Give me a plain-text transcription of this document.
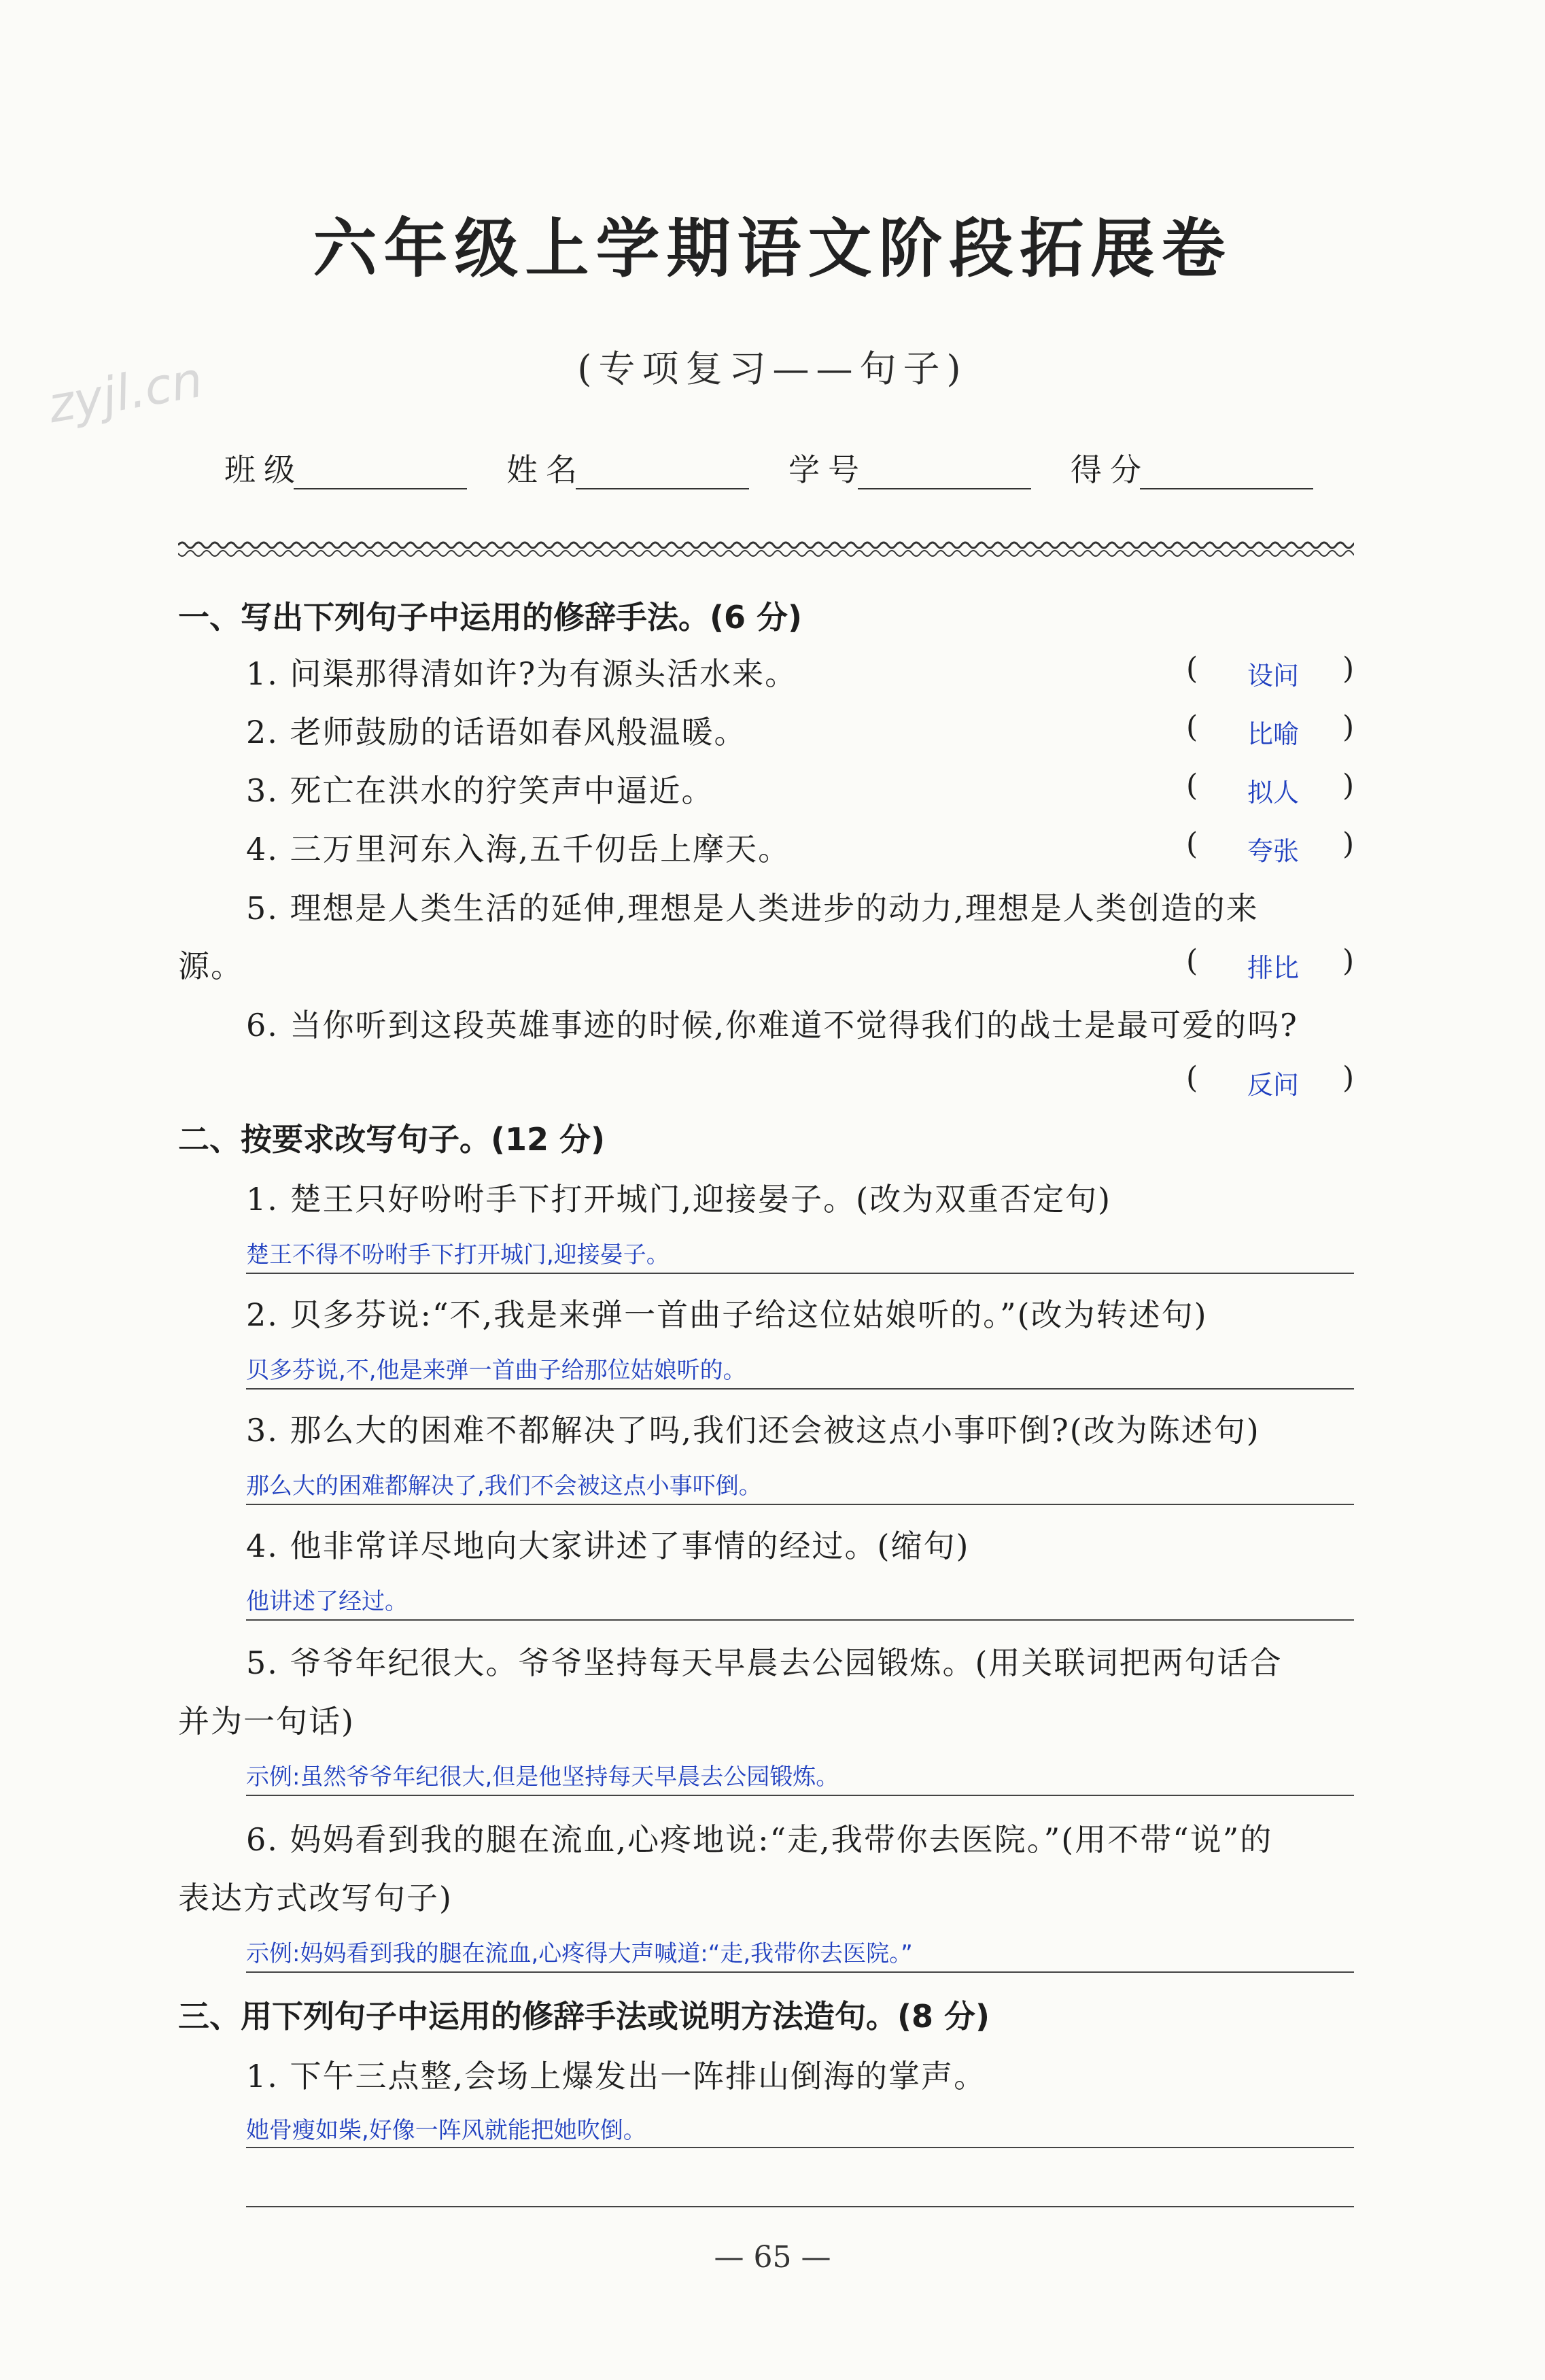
zyjl.cn
六年级上学期语文阶段拓展卷
(专项复习——句子)
班级	姓名	学号	得分
一、写出下列句子中运用的修辞手法。(6 分)
1. 问渠那得清如许?为有源头活水来。	( 设问 )
2. 老师鼓励的话语如春风般温暖。	( 比喻 )
3. 死亡在洪水的狞笑声中逼近。	( 拟人 )
4. 三万里河东入海,五千仞岳上摩天。	( 夸张 )
5. 理想是人类生活的延伸,理想是人类进步的动力,理想是人类创造的来
源。	( 排比 )
6. 当你听到这段英雄事迹的时候,你难道不觉得我们的战士是最可爱的吗?
( 反问 )
二、按要求改写句子。(12 分)
1. 楚王只好吩咐手下打开城门,迎接晏子。(改为双重否定句)
楚王不得不吩咐手下打开城门,迎接晏子。
2. 贝多芬说:“不,我是来弹一首曲子给这位姑娘听的。”(改为转述句)
贝多芬说,不,他是来弹一首曲子给那位姑娘听的。
3. 那么大的困难不都解决了吗,我们还会被这点小事吓倒?(改为陈述句)
那么大的困难都解决了,我们不会被这点小事吓倒。
4. 他非常详尽地向大家讲述了事情的经过。(缩句)
他讲述了经过。
5. 爷爷年纪很大。爷爷坚持每天早晨去公园锻炼。(用关联词把两句话合
并为一句话)
示例:虽然爷爷年纪很大,但是他坚持每天早晨去公园锻炼。
6. 妈妈看到我的腿在流血,心疼地说:“走,我带你去医院。”(用不带“说”的
表达方式改写句子)
示例:妈妈看到我的腿在流血,心疼得大声喊道:“走,我带你去医院。”
三、用下列句子中运用的修辞手法或说明方法造句。(8 分)
1. 下午三点整,会场上爆发出一阵排山倒海的掌声。
她骨瘦如柴,好像一阵风就能把她吹倒。
— 65 —
